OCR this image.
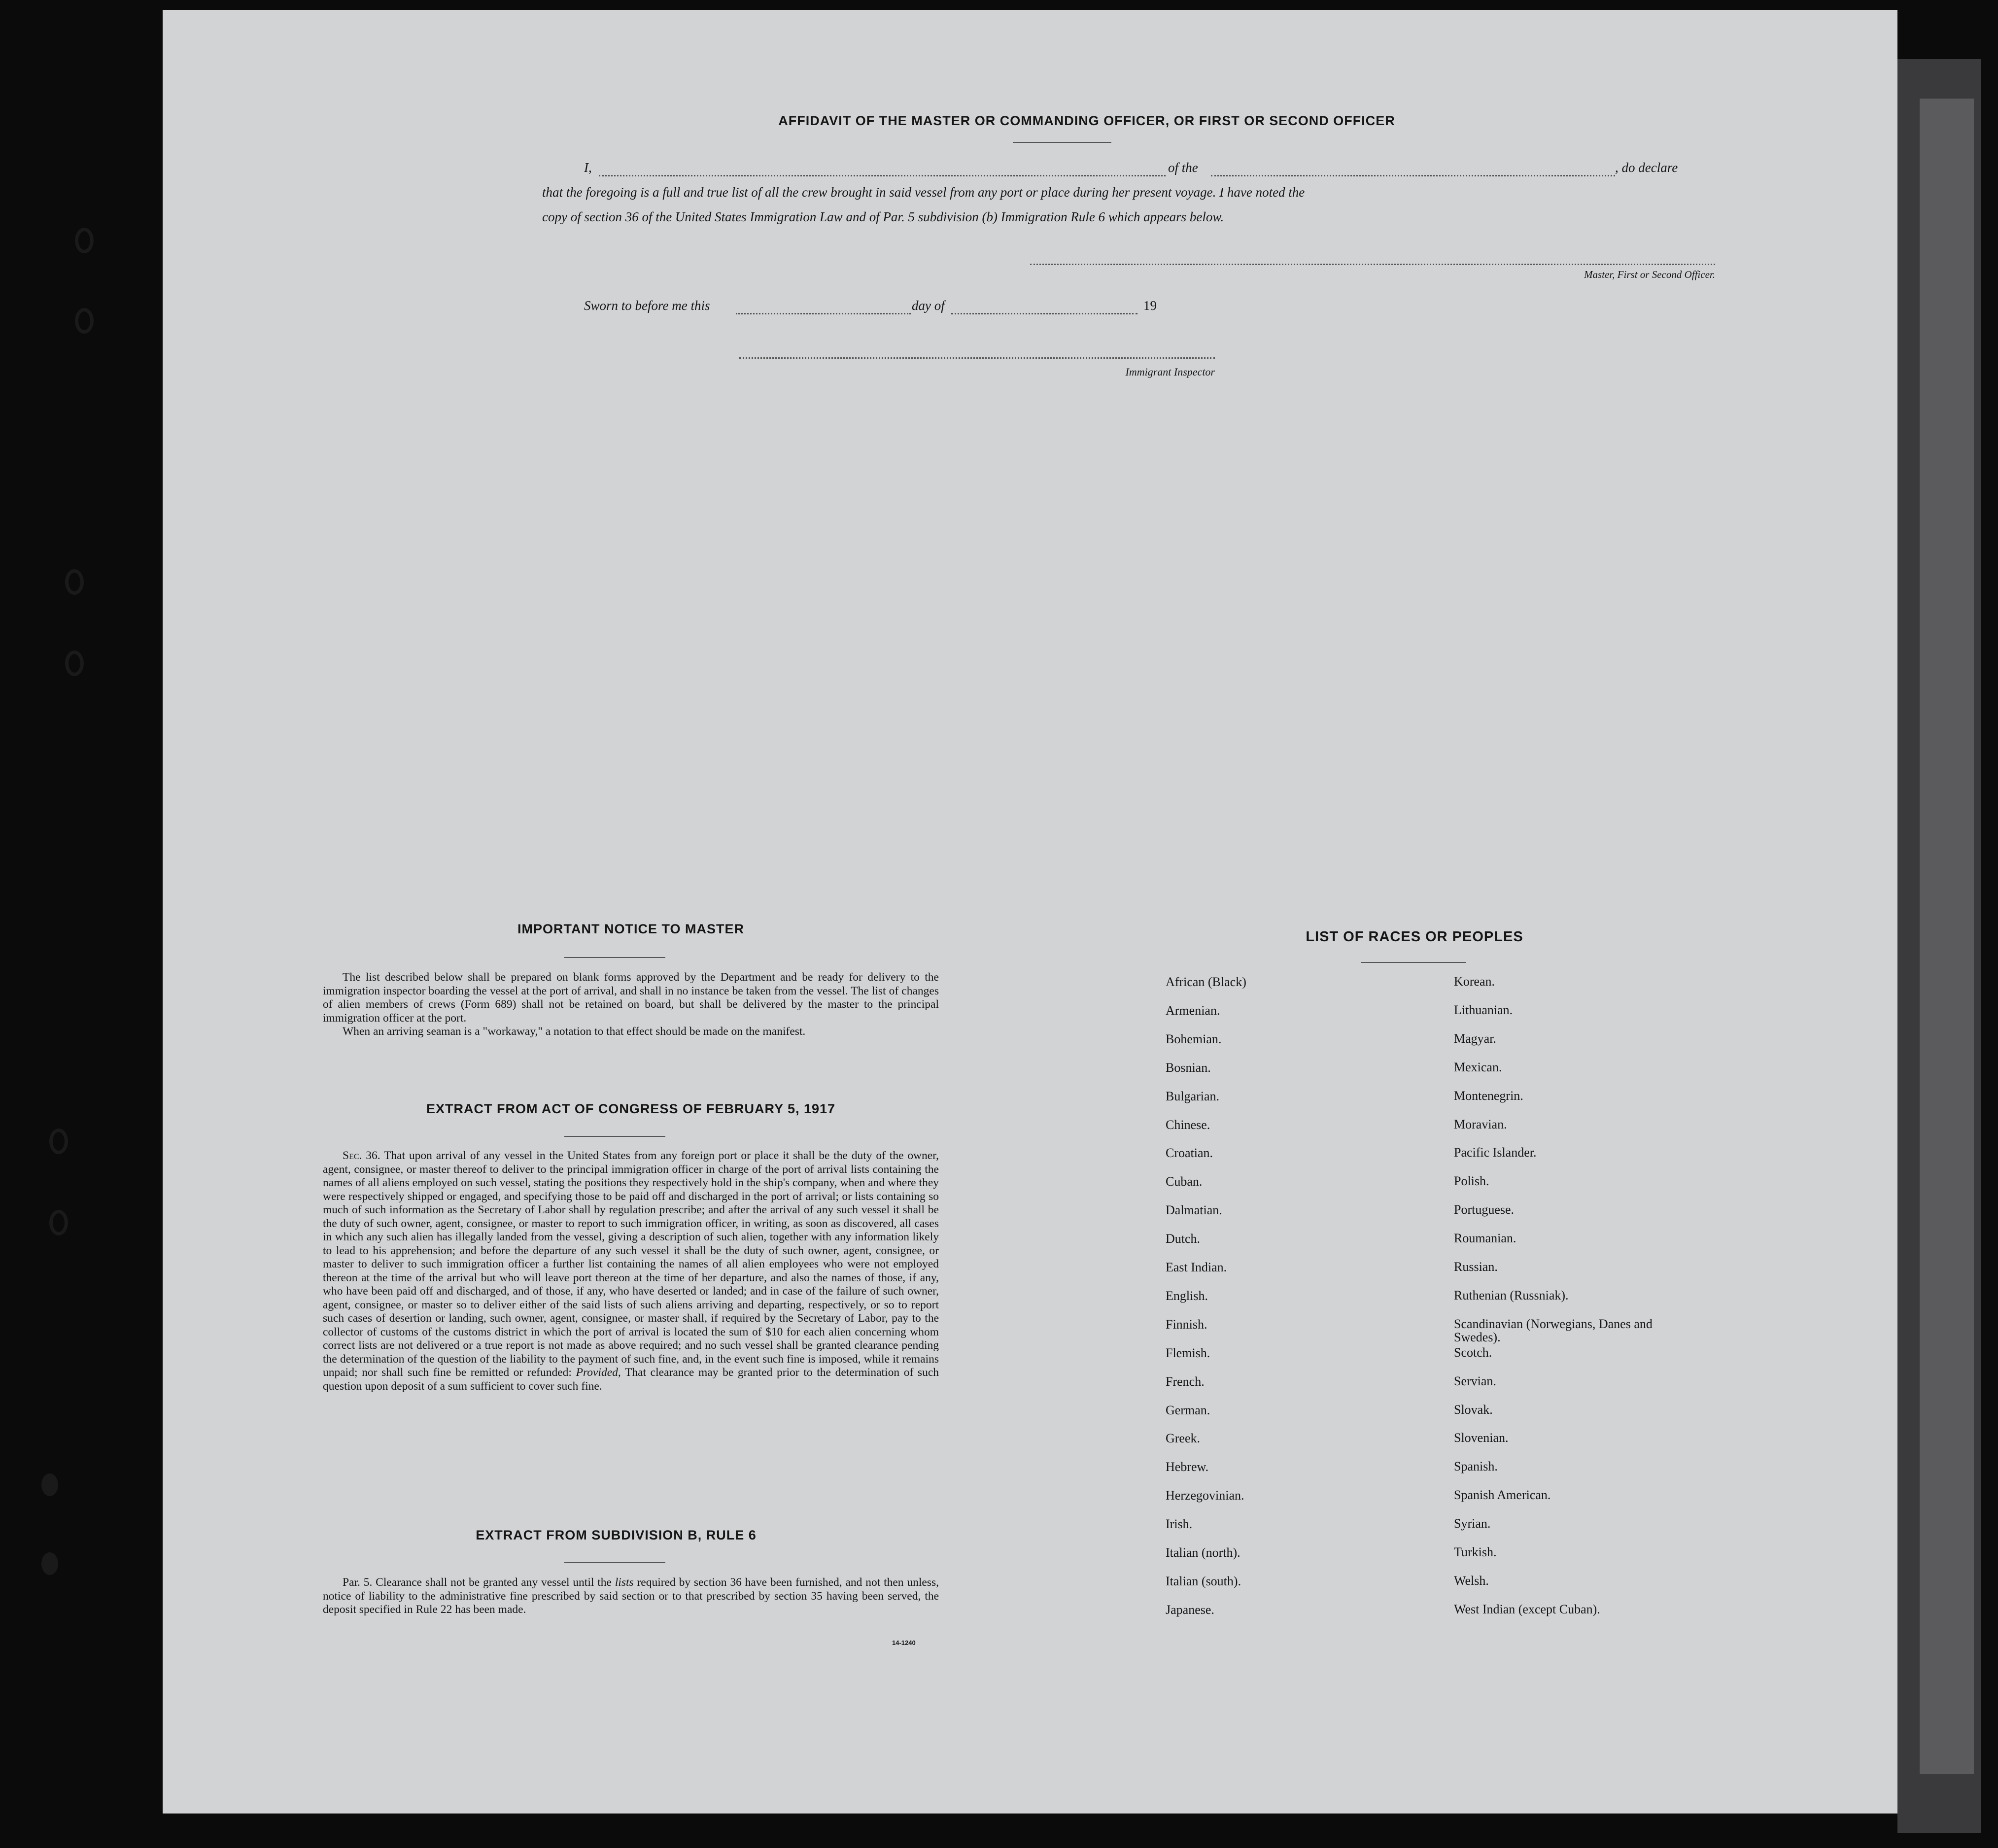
AFFIDAVIT OF THE MASTER OR COMMANDING OFFICER, OR FIRST OR SECOND OFFICER
I,	of the	, do declare
that the foregoing is a full and true list of all the crew brought in said vessel from any port or place during her present voyage. I have noted the
copy of section 36 of the United States Immigration Law and of Par. 5 subdivision (b) Immigration Rule 6 which appears below.
Master, First or Second Officer.
Sworn to before me this	day of	19
Immigrant Inspector
IMPORTANT NOTICE TO MASTER

The list described below shall be prepared on blank forms approved by the Department and be ready for delivery to the immigration inspector boarding the vessel at the port of arrival, and shall in no instance be taken from the vessel. The list of changes of alien members of crews (Form 689) shall not be retained on board, but shall be delivered by the master to the principal immigration officer at the port.

When an arriving seaman is a "workaway," a notation to that effect should be made on the manifest.

EXTRACT FROM ACT OF CONGRESS OF FEBRUARY 5, 1917

Sec. 36. That upon arrival of any vessel in the United States from any foreign port or place it shall be the duty of the owner, agent, consignee, or master thereof to deliver to the principal immigration officer in charge of the port of arrival lists containing the names of all aliens employed on such vessel, stating the positions they respectively hold in the ship's company, when and where they were respectively shipped or engaged, and specifying those to be paid off and discharged in the port of arrival; or lists containing so much of such information as the Secretary of Labor shall by regulation prescribe; and after the arrival of any such vessel it shall be the duty of such owner, agent, consignee, or master to report to such immigration officer, in writing, as soon as discovered, all cases in which any such alien has illegally landed from the vessel, giving a description of such alien, together with any information likely to lead to his apprehension; and before the departure of any such vessel it shall be the duty of such owner, agent, consignee, or master to deliver to such immigration officer a further list containing the names of all alien employees who were not employed thereon at the time of the arrival but who will leave port thereon at the time of her departure, and also the names of those, if any, who have been paid off and discharged, and of those, if any, who have deserted or landed; and in case of the failure of such owner, agent, consignee, or master so to deliver either of the said lists of such aliens arriving and departing, respectively, or so to report such cases of desertion or landing, such owner, agent, consignee, or master shall, if required by the Secretary of Labor, pay to the collector of customs of the customs district in which the port of arrival is located the sum of $10 for each alien concerning whom correct lists are not delivered or a true report is not made as above required; and no such vessel shall be granted clearance pending the determination of the question of the liability to the payment of such fine, and, in the event such fine is imposed, while it remains unpaid; nor shall such fine be remitted or refunded: Provided, That clearance may be granted prior to the determination of such question upon deposit of a sum sufficient to cover such fine.

EXTRACT FROM SUBDIVISION B, RULE 6

Par. 5. Clearance shall not be granted any vessel until the lists required by section 36 have been furnished, and not then unless, notice of liability to the administrative fine prescribed by said section or to that prescribed by section 35 having been served, the deposit specified in Rule 22 has been made.

14-1240
LIST OF RACES OR PEOPLES
African (Black)
Armenian.
Bohemian.
Bosnian.
Bulgarian.
Chinese.
Croatian.
Cuban.
Dalmatian.
Dutch.
East Indian.
English.
Finnish.
Flemish.
French.
German.
Greek.
Hebrew.
Herzegovinian.
Irish.
Italian (north).
Italian (south).
Japanese.
Korean.
Lithuanian.
Magyar.
Mexican.
Montenegrin.
Moravian.
Pacific Islander.
Polish.
Portuguese.
Roumanian.
Russian.
Ruthenian (Russniak).
Scandinavian (Norwegians, Danes and Swedes).
Scotch.
Servian.
Slovak.
Slovenian.
Spanish.
Spanish American.
Syrian.
Turkish.
Welsh.
West Indian (except Cuban).
